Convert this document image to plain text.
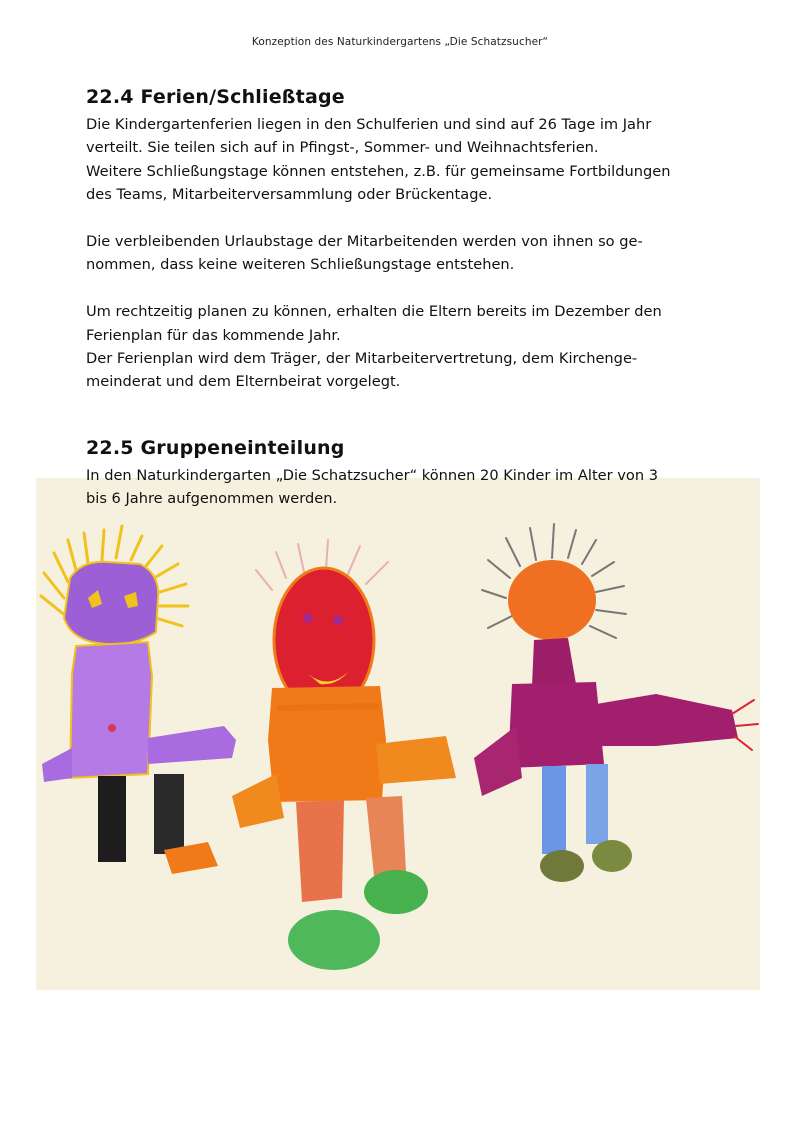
Konzeption des Naturkindergartens „Die Schatzsucher“
22.4 Ferien/Schließtage

Die Kindergartenferien liegen in den Schulferien und sind auf 26 Tage im Jahr
verteilt. Sie teilen sich auf in Pfingst-, Sommer- und Weihnachtsferien.
Weitere Schließungstage können entstehen, z.B. für gemeinsame Fortbildungen
des Teams, Mitarbeiterversammlung oder Brückentage.

Die verbleibenden Urlaubstage der Mitarbeitenden werden von ihnen so ge-
nommen, dass keine weiteren Schließungstage entstehen.

Um rechtzeitig planen zu können, erhalten die Eltern bereits im Dezember den
Ferienplan für das kommende Jahr.
Der Ferienplan wird dem Träger, der Mitarbeitervertretung, dem Kirchenge-
meinderat und dem Elternbeirat vorgelegt.

22.5 Gruppeneinteilung

In den Naturkindergarten „Die Schatzsucher“ können 20 Kinder im Alter von 3
bis 6 Jahre aufgenommen werden.
